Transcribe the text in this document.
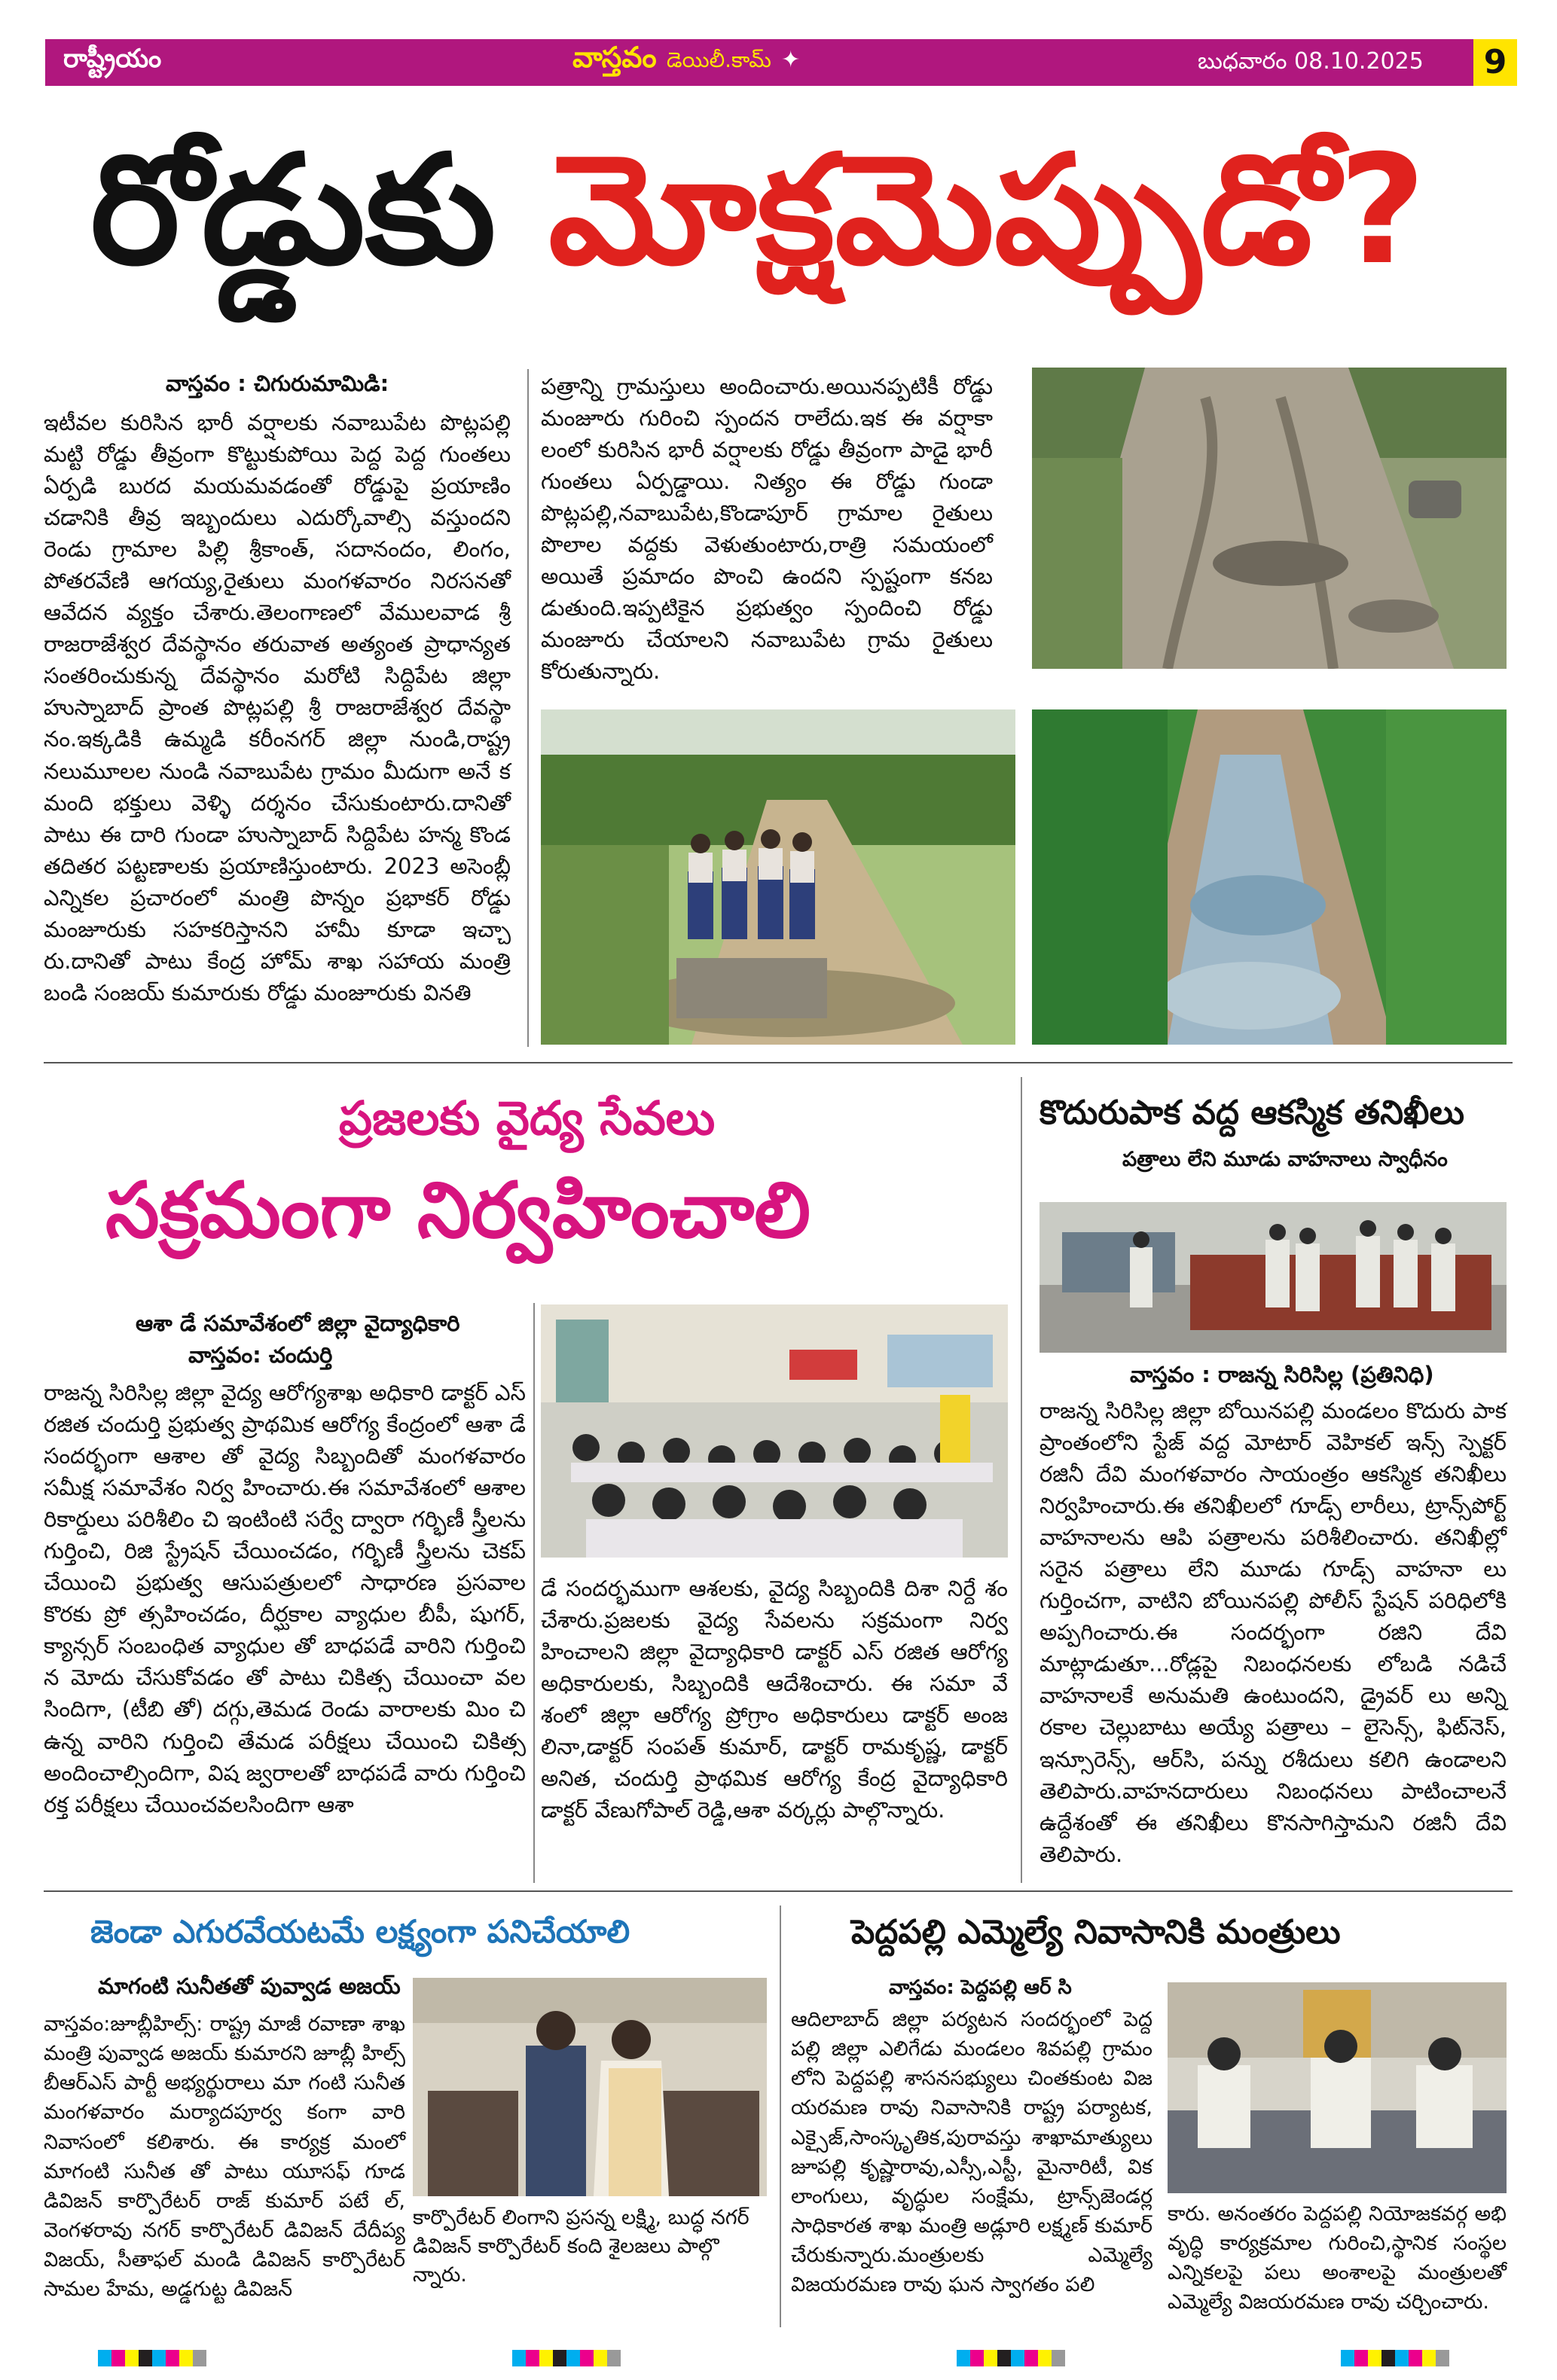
రాష్ట్రీయం	వాస్తవం డెయిలీ.కామ్ ✦	బుధవారం 08.10.2025	9
రోడ్డుకు మోక్షమెప్పుడో?
వాస్తవం : చిగురుమామిడి:
ఇటీవల కురిసిన భారీ వర్షాలకు నవాబుపేట పొట్లపల్లి మట్టి రోడ్డు తీవ్రంగా కొట్టుకుపోయి పెద్ద పెద్ద గుంతలు ఏర్పడి బురద మయమవడంతో రోడ్డుపై ప్రయాణిం చడానికి తీవ్ర ఇబ్బందులు ఎదుర్కోవాల్సి వస్తుందని రెండు గ్రామాల పిల్లి శ్రీకాంత్, సదానందం, లింగం, పోతరవేణి ఆగయ్య,రైతులు మంగళవారం నిరసనతో ఆవేదన వ్యక్తం చేశారు.తెలంగాణలో వేములవాడ శ్రీ రాజరాజేశ్వర దేవస్థానం తరువాత అత్యంత ప్రాధాన్యత సంతరించుకున్న దేవస్థానం మరోటి సిద్దిపేట జిల్లా హుస్నాబాద్ ప్రాంత పొట్లపల్లి శ్రీ రాజరాజేశ్వర దేవస్థా నం.ఇక్కడికి ఉమ్మడి కరీంనగర్ జిల్లా నుండి,రాష్ట్ర నలుమూలల నుండి నవాబుపేట గ్రామం మీదుగా అనే క మంది భక్తులు వెళ్ళి దర్శనం చేసుకుంటారు.దానితో పాటు ఈ దారి గుండా హుస్నాబాద్ సిద్దిపేట హన్మ కొండ తదితర పట్టణాలకు ప్రయాణిస్తుంటారు. 2023 అసెంబ్లీ ఎన్నికల ప్రచారంలో మంత్రి పొన్నం ప్రభాకర్ రోడ్డు మంజూరుకు సహకరిస్తానని హామీ కూడా ఇచ్చా రు.దానితో పాటు కేంద్ర హోమ్ శాఖ సహాయ మంత్రి బండి సంజయ్ కుమారుకు రోడ్డు మంజూరుకు వినతి
పత్రాన్ని గ్రామస్తులు అందించారు.అయినప్పటికీ రోడ్డు మంజూరు గురించి స్పందన రాలేదు.ఇక ఈ వర్షాకా లంలో కురిసిన భారీ వర్షాలకు రోడ్డు తీవ్రంగా పాడై భారీ గుంతలు ఏర్పడ్డాయి. నిత్యం ఈ రోడ్డు గుండా పొట్లపల్లి,నవాబుపేట,కొండాపూర్ గ్రామాల రైతులు పొలాల వద్దకు వెళుతుంటారు,రాత్రి సమయంలో అయితే ప్రమాదం పొంచి ఉందని స్పష్టంగా కనబ డుతుంది.ఇప్పటికైన ప్రభుత్వం స్పందించి రోడ్డు మంజూరు చేయాలని నవాబుపేట గ్రామ రైతులు కోరుతున్నారు.
ప్రజలకు వైద్య సేవలు
సక్రమంగా నిర్వహించాలి
ఆశా డే సమావేశంలో జిల్లా వైద్యాధికారి
వాస్తవం: చందుర్తి
రాజన్న సిరిసిల్ల జిల్లా వైద్య ఆరోగ్యశాఖ అధికారి డాక్టర్ ఎస్ రజిత చందుర్తి ప్రభుత్వ ప్రాథమిక ఆరోగ్య కేంద్రంలో ఆశా డే సందర్భంగా ఆశాల తో వైద్య సిబ్బందితో మంగళవారం సమీక్ష సమావేశం నిర్వ హించారు.ఈ సమావేశంలో ఆశాల రికార్డులు పరిశీలిం చి ఇంటింటి సర్వే ద్వారా గర్భిణీ స్త్రీలను గుర్తించి, రిజి స్ట్రేషన్ చేయించడం, గర్భిణీ స్త్రీలను చెకప్ చేయించి ప్రభుత్వ ఆసుపత్రులలో సాధారణ ప్రసవాల కొరకు ప్రో త్సహించడం, దీర్ఘకాల వ్యాధుల బీపీ, షుగర్, క్యాన్సర్ సంబంధిత వ్యాధుల తో బాధపడే వారిని గుర్తించి న మోదు చేసుకోవడం తో పాటు చికిత్స చేయించా వల సిందిగా, (టీబి తో) దగ్గు,తెమడ రెండు వారాలకు మిం చి ఉన్న వారిని గుర్తించి తేమడ పరీక్షలు చేయించి చికిత్స అందించాల్సిందిగా, విష జ్వరాలతో బాధపడే వారు గుర్తించి రక్త పరీక్షలు చేయించవలసిందిగా ఆశా
డే సందర్భముగా ఆశలకు, వైద్య సిబ్బందికి దిశా నిర్దే శం చేశారు.ప్రజలకు వైద్య సేవలను సక్రమంగా నిర్వ హించాలని జిల్లా వైద్యాధికారి డాక్టర్ ఎస్ రజిత ఆరోగ్య అధికారులకు, సిబ్బందికి ఆదేశించారు. ఈ సమా వే శంలో జిల్లా ఆరోగ్య ప్రోగ్రాం అధికారులు డాక్టర్ అంజ లినా,డాక్టర్ సంపత్ కుమార్, డాక్టర్ రామకృష్ణ, డాక్టర్ అనిత, చందుర్తి ప్రాథమిక ఆరోగ్య కేంద్ర వైద్యాధికారి డాక్టర్ వేణుగోపాల్ రెడ్డి,ఆశా వర్కర్లు పాల్గొన్నారు.
కొదురుపాక వద్ద ఆకస్మిక తనిఖీలు
పత్రాలు లేని మూడు వాహనాలు స్వాధీనం
వాస్తవం : రాజన్న సిరిసిల్ల (ప్రతినిధి)
రాజన్న సిరిసిల్ల జిల్లా బోయినపల్లి మండలం కొదురు పాక ప్రాంతంలోని స్టేజ్ వద్ద మోటార్ వెహికల్ ఇన్స్ స్పెక్టర్ రజినీ దేవి మంగళవారం సాయంత్రం ఆకస్మిక తనిఖీలు నిర్వహించారు.ఈ తనిఖీలలో గూడ్స్ లారీలు, ట్రాన్స్‌పోర్ట్ వాహనాలను ఆపి పత్రాలను పరిశీలించారు. తనిఖీల్లో సరైన పత్రాలు లేని మూడు గూడ్స్ వాహనా లు గుర్తించగా, వాటిని బోయినపల్లి పోలీస్ స్టేషన్ పరిధిలోకి అప్పగించారు.ఈ సందర్భంగా రజిని దేవి మాట్లాడుతూ...రోడ్లపై నిబంధనలకు లోబడి నడిచే వాహనాలకే అనుమతి ఉంటుందని, డ్రైవర్ లు అన్ని రకాల చెల్లుబాటు అయ్యే పత్రాలు – లైసెన్స్, ఫిట్‌నెస్, ఇన్సూరెన్స్, ఆర్‌సి, పన్ను రశీదులు కలిగి ఉండాలని తెలిపారు.వాహనదారులు నిబంధనలు పాటించాలనే ఉద్దేశంతో ఈ తనిఖీలు కొనసాగిస్తామని రజినీ దేవి తెలిపారు.
జెండా ఎగురవేయటమే లక్ష్యంగా పనిచేయాలి
మాగంటి సునీతతో పువ్వాడ అజయ్
వాస్తవం:జూబ్లీహిల్స్: రాష్ట్ర మాజీ రవాణా శాఖ మంత్రి పువ్వాడ అజయ్ కుమారని జూబ్లీ హిల్స్ బీఆర్ఎస్ పార్టీ అభ్యర్థురాలు మా గంటి సునీత మంగళవారం మర్యాదపూర్వ కంగా వారి నివాసంలో కలిశారు. ఈ కార్యక్ర మంలో మాగంటి సునీత తో పాటు యూసఫ్ గూడ డివిజన్ కార్పొరేటర్ రాజ్ కుమార్ పటే ల్, వెంగళరావు నగర్ కార్పొరేటర్ డివిజన్ దేదీప్య విజయ్, సీతాఫల్ మండి డివిజన్ కార్పొరేటర్ సామల హేమ, అడ్డగుట్ట డివిజన్
కార్పొరేటర్ లింగాని ప్రసన్న లక్ష్మి, బుద్ధ నగర్ డివిజన్ కార్పొరేటర్ కంది శైలజలు పాల్గొ న్నారు.
పెద్దపల్లి ఎమ్మెల్యే నివాసానికి మంత్రులు
వాస్తవం: పెద్దపల్లి ఆర్ సి
ఆదిలాబాద్ జిల్లా పర్యటన సందర్భంలో పెద్ద పల్లి జిల్లా ఎలిగేడు మండలం శివపల్లి గ్రామం లోని పెద్దపల్లి శాసనసభ్యులు చింతకుంట విజ యరమణ రావు నివాసానికి రాష్ట్ర పర్యాటక, ఎక్సైజ్,సాంస్కృతిక,పురావస్తు శాఖామాత్యులు జూపల్లి కృష్ణారావు,ఎస్సీ,ఎస్టీ, మైనారిటీ, విక లాంగులు, వృద్ధుల సంక్షేమ, ట్రాన్స్‌జెండర్ల సాధికారత శాఖ మంత్రి అడ్లూరి లక్ష్మణ్ కుమార్ చేరుకున్నారు.మంత్రులకు ఎమ్మెల్యే విజయరమణ రావు ఘన స్వాగతం పలి
కారు. అనంతరం పెద్దపల్లి నియోజకవర్గ అభి వృద్ధి కార్యక్రమాల గురించి,స్థానిక సంస్థల ఎన్నికలపై పలు అంశాలపై మంత్రులతో ఎమ్మెల్యే విజయరమణ రావు చర్చించారు.
